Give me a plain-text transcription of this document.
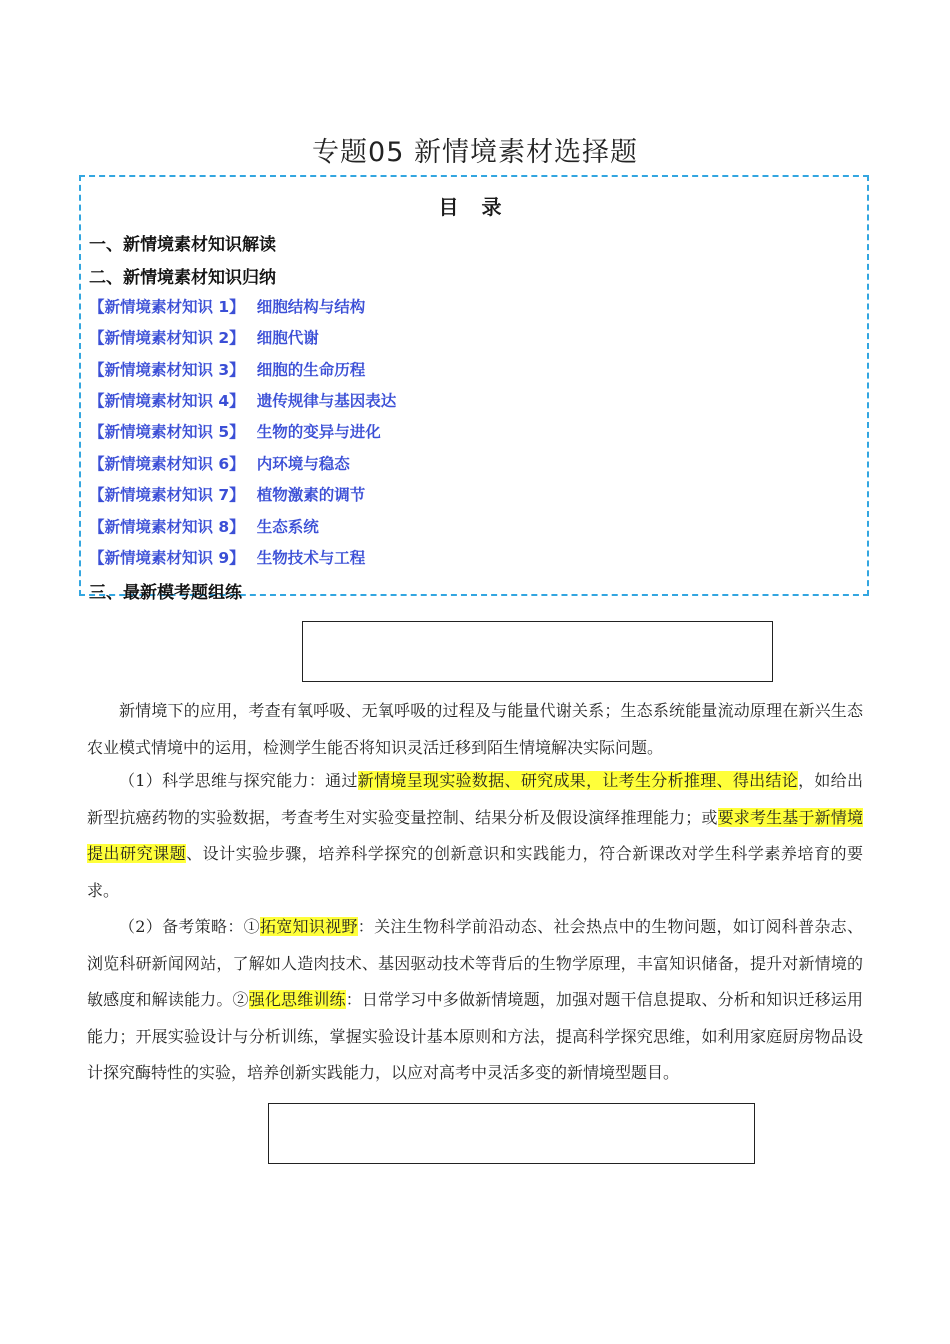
专题05 新情境素材选择题
目 录
一、新情境素材知识解读
二、新情境素材知识归纳
【新情境素材知识 1】 细胞结构与结构
【新情境素材知识 2】 细胞代谢
【新情境素材知识 3】 细胞的生命历程
【新情境素材知识 4】 遗传规律与基因表达
【新情境素材知识 5】 生物的变异与进化
【新情境素材知识 6】 内环境与稳态
【新情境素材知识 7】 植物激素的调节
【新情境素材知识 8】 生态系统
【新情境素材知识 9】 生物技术与工程
三、最新模考题组练
新情境下的应用，考查有氧呼吸、无氧呼吸的过程及与能量代谢关系；生态系统能量流动原理在新兴生态农业模式情境中的运用，检测学生能否将知识灵活迁移到陌生情境解决实际问题。
（1）科学思维与探究能力：通过新情境呈现实验数据、研究成果，让考生分析推理、得出结论，如给出新型抗癌药物的实验数据，考查考生对实验变量控制、结果分析及假设演绎推理能力；或要求考生基于新情境提出研究课题、设计实验步骤，培养科学探究的创新意识和实践能力，符合新课改对学生科学素养培育的要求。
（2）备考策略：①拓宽知识视野：关注生物科学前沿动态、社会热点中的生物问题，如订阅科普杂志、浏览科研新闻网站，了解如人造肉技术、基因驱动技术等背后的生物学原理，丰富知识储备，提升对新情境的敏感度和解读能力。②强化思维训练：日常学习中多做新情境题，加强对题干信息提取、分析和知识迁移运用能力；开展实验设计与分析训练，掌握实验设计基本原则和方法，提高科学探究思维，如利用家庭厨房物品设计探究酶特性的实验，培养创新实践能力，以应对高考中灵活多变的新情境型题目。
